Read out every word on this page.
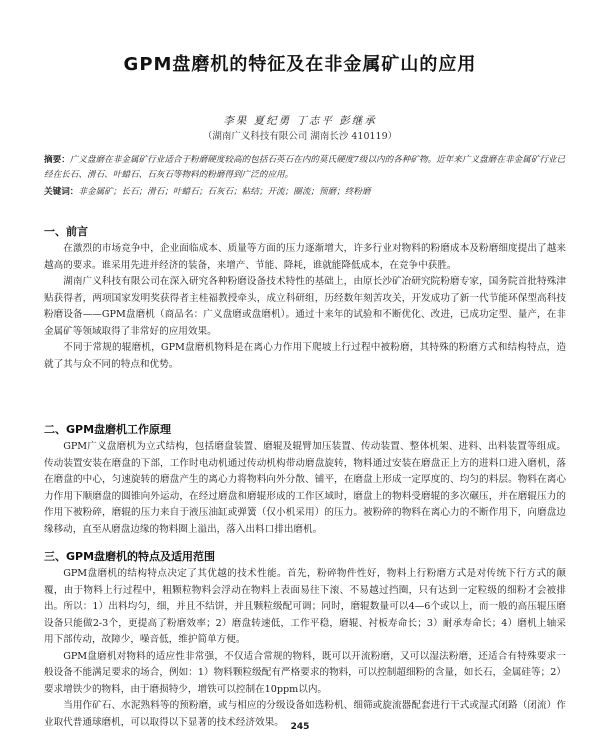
GPM盘磨机的特征及在非金属矿山的应用
李果 夏纪勇 丁志平 彭继承
（湖南广义科技有限公司 湖南长沙 410119）
摘要：广义盘磨在非金属矿行业适合于粉磨硬度较高的包括石英石在内的莫氏硬度7级以内的各种矿物。近年来广义盘磨在非金属矿行业已经在长石、滑石、叶蜡石、石灰石等物料的粉磨得到广泛的应用。
关键词：非金属矿；长石；滑石；叶蜡石；石灰石；粘结；开流；圈流；预磨；终粉磨
一、前言

在激烈的市场竞争中，企业面临成本、质量等方面的压力逐渐增大，许多行业对物料的粉磨成本及粉磨细度提出了越来越高的要求。谁采用先进并经济的装备，来增产、节能、降耗，谁就能降低成本，在竞争中获胜。

湖南广义科技有限公司在深入研究各种粉磨设备技术特性的基础上，由原长沙矿冶研究院粉磨专家，国务院首批特殊津贴获得者，两项国家发明奖获得者主桂福教授牵头，成立科研组，历经数年刻苦攻关，开发成功了新一代节能环保型高科技粉磨设备——GPM盘磨机（商品名：广义盘磨或盘磨机）。通过十来年的试验和不断优化、改进，已成功定型、量产，在非金属矿等领域取得了非常好的应用效果。

不同于常规的辊磨机，GPM盘磨机物料是在离心力作用下爬坡上行过程中被粉磨，其特殊的粉磨方式和结构特点，造就了其与众不同的特点和优势。

二、GPM盘磨机工作原理

GPM广义盘磨机为立式结构，包括磨盘装置、磨辊及辊臂加压装置、传动装置、整体机架、进料、出料装置等组成。传动装置安装在磨盘的下部，工作时电动机通过传动机构带动磨盘旋转，物料通过安装在磨盘正上方的进料口进入磨机，落在磨盘的中心，匀速旋转的磨盘产生的离心力将物料向外分散、铺平，在磨盘上形成一定厚度的、均匀的料层。物料在离心力作用下顺磨盘的圆锥向外运动，在经过磨盘和磨辊形成的工作区域时，磨盘上的物料受磨辊的多次碾压，并在磨辊压力的作用下被粉碎，磨辊的压力来自于液压油缸或弹簧（仅小机采用）的压力。被粉碎的物料在离心力的不断作用下，向磨盘边缘移动，直至从磨盘边缘的物料圈上溢出，落入出料口排出磨机。

三、GPM盘磨机的特点及适用范围

GPM盘磨机的结构特点决定了其优越的技术性能。首先，粉碎物件性好，物料上行粉磨方式是对传统下行方式的颠覆，由于物料上行过程中，粗颗粒物料会浮动在物料上表面易往下滚、不易越过挡圈，只有达到一定粒级的细粉才会被排出。所以：1）出料均匀，细，并且不结饼，并且颗粒级配可调；同时，磨辊数量可以4—6个或以上，而一般的高压辊压磨设备只能做2-3个，更提高了粉磨效率；2）磨盘转速低，工作平稳，磨辊、衬板寿命长；3）耐承寿命长；4）磨机上轴采用下部传动，故障少，噪音低，维护简单方便。

GPM盘磨机对物料的适应性非常强，不仅适合常规的物料，既可以开流粉磨，又可以湿法粉磨，还适合有特殊要求一般设备不能满足要求的场合，例如：1）物料颗粒级配有严格要求的物料，可以控制超细粉的含量，如长石，金属硅等；2）要求增铁少的物料，由于磨损特少，增铁可以控制在10ppm以内。

当用作矿石、水泥熟料等的预粉磨，或与相应的分级设备如选粉机、细筛或旋流器配套进行干式或湿式闭路（闭流）作业取代普通球磨机，可以取得以下显著的技术经济效果。 245
